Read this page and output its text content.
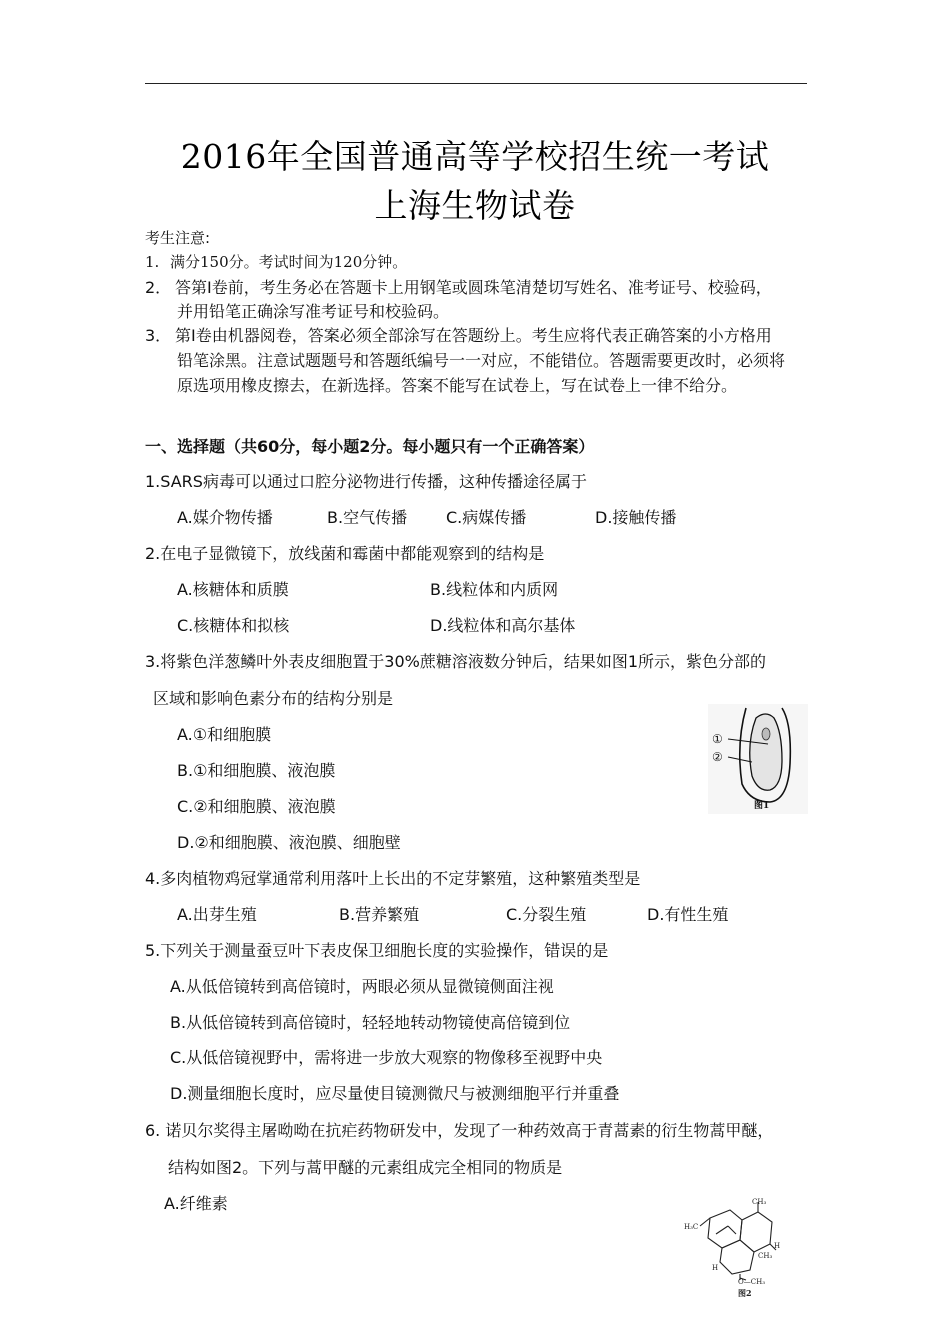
2016年全国普通高等学校招生统一考试
上海生物试卷
考生注意:
1. 满分150分。考试时间为120分钟。
2． 答第Ⅰ卷前，考生务必在答题卡上用钢笔或圆珠笔清楚切写姓名、准考证号、校验码，
并用铅笔正确涂写准考证号和校验码。
3． 第Ⅰ卷由机器阅卷，答案必须全部涂写在答题纷上。考生应将代表正确答案的小方格用
铅笔涂黑。注意试题题号和答题纸编号一一对应，不能错位。答题需要更改时，必须将
原选项用橡皮擦去，在新选择。答案不能写在试卷上，写在试卷上一律不给分。
一、选择题（共60分，每小题2分。每小题只有一个正确答案）
1.SARS病毒可以通过口腔分泌物进行传播，这种传播途径属于
A.媒介物传播	B.空气传播 C.病媒传播	D.接触传播
2.在电子显微镜下，放线菌和霉菌中都能观察到的结构是
A.核糖体和质膜	B.线粒体和内质网
C.核糖体和拟核	D.线粒体和高尔基体
3.将紫色洋葱鳞叶外表皮细胞置于30%蔗糖溶液数分钟后，结果如图1所示，紫色分部的
区域和影响色素分布的结构分别是
A.①和细胞膜
B.①和细胞膜、液泡膜
C.②和细胞膜、液泡膜
D.②和细胞膜、液泡膜、细胞壁
①
②
图1
4.多肉植物鸡冠掌通常利用落叶上长出的不定芽繁殖，这种繁殖类型是
A.出芽生殖	B.营养繁殖	C.分裂生殖	D.有性生殖
5.下列关于测量蚕豆叶下表皮保卫细胞长度的实验操作，错误的是
A.从低倍镜转到高倍镜时，两眼必须从显微镜侧面注视
B.从低倍镜转到高倍镜时，轻轻地转动物镜使高倍镜到位
C.从低倍镜视野中，需将进一步放大观察的物像移至视野中央
D.测量细胞长度时，应尽量使目镜测微尺与被测细胞平行并重叠
6. 诺贝尔奖得主屠呦呦在抗疟药物研发中，发现了一种药效高于青蒿素的衍生物蒿甲醚，
结构如图2。下列与蒿甲醚的元素组成完全相同的物质是
A.纤维素	CH₃
H₃C
H
CH₃
H
O—CH₃
图2
